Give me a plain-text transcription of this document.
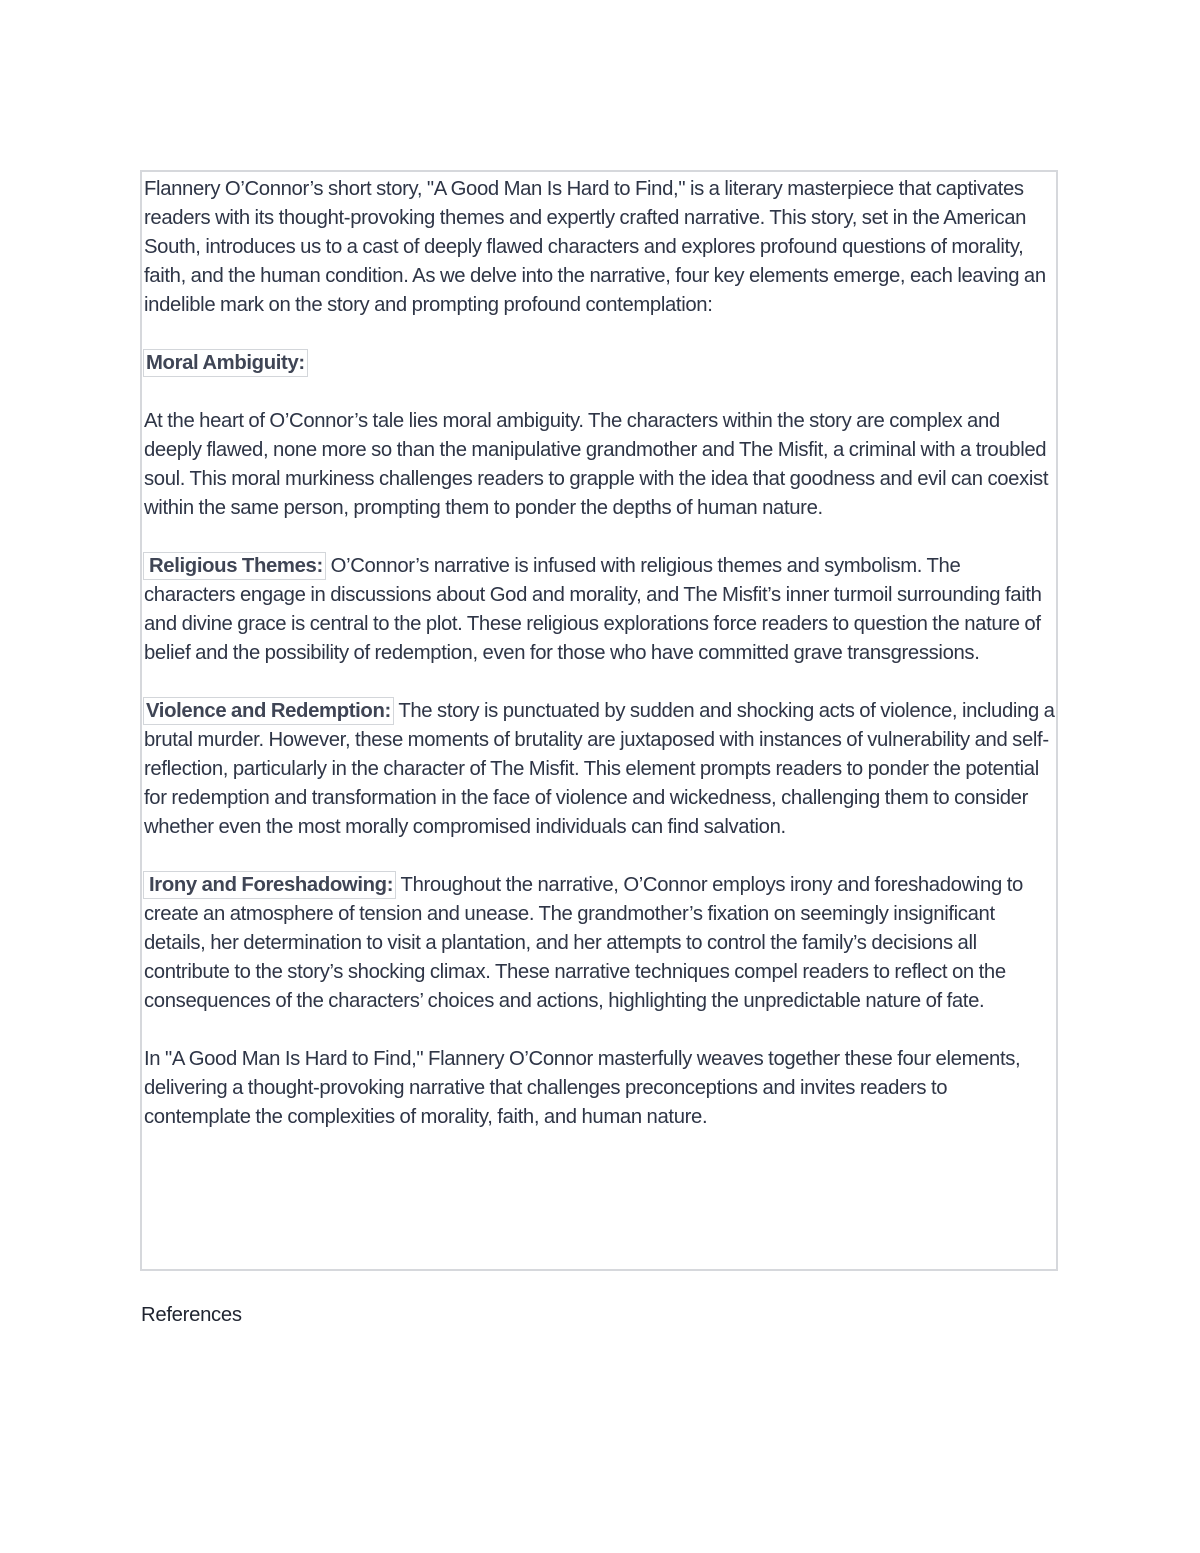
Flannery O’Connor’s short story, "A Good Man Is Hard to Find," is a literary masterpiece that captivates readers with its thought-provoking themes and expertly crafted narrative. This story, set in the American South, introduces us to a cast of deeply flawed characters and explores profound questions of morality, faith, and the human condition. As we delve into the narrative, four key elements emerge, each leaving an indelible mark on the story and prompting profound contemplation:

Moral Ambiguity:

At the heart of O’Connor’s tale lies moral ambiguity. The characters within the story are complex and deeply flawed, none more so than the manipulative grandmother and The Misfit, a criminal with a troubled soul. This moral murkiness challenges readers to grapple with the idea that goodness and evil can coexist within the same person, prompting them to ponder the depths of human nature.

Religious Themes: O’Connor’s narrative is infused with religious themes and symbolism. The characters engage in discussions about God and morality, and The Misfit’s inner turmoil surrounding faith and divine grace is central to the plot. These religious explorations force readers to question the nature of belief and the possibility of redemption, even for those who have committed grave transgressions.

Violence and Redemption: The story is punctuated by sudden and shocking acts of violence, including a brutal murder. However, these moments of brutality are juxtaposed with instances of vulnerability and self-reflection, particularly in the character of The Misfit. This element prompts readers to ponder the potential for redemption and transformation in the face of violence and wickedness, challenging them to consider whether even the most morally compromised individuals can find salvation.

Irony and Foreshadowing: Throughout the narrative, O’Connor employs irony and foreshadowing to create an atmosphere of tension and unease. The grandmother’s fixation on seemingly insignificant details, her determination to visit a plantation, and her attempts to control the family’s decisions all contribute to the story’s shocking climax. These narrative techniques compel readers to reflect on the consequences of the characters’ choices and actions, highlighting the unpredictable nature of fate.

In "A Good Man Is Hard to Find," Flannery O’Connor masterfully weaves together these four elements, delivering a thought-provoking narrative that challenges preconceptions and invites readers to contemplate the complexities of morality, faith, and human nature.

References
